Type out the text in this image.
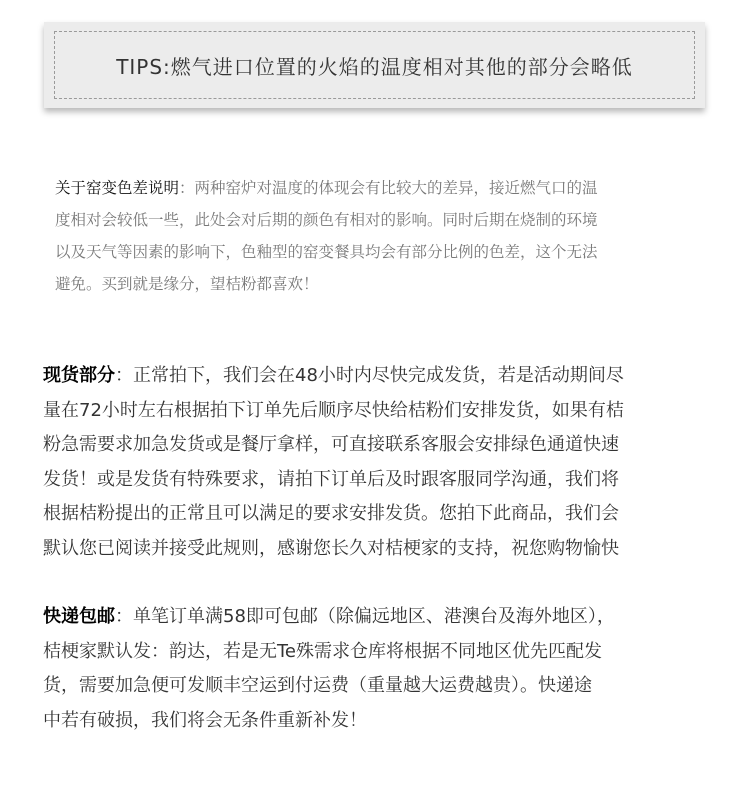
TIPS:燃气进口位置的火焰的温度相对其他的部分会略低

关于窑变色差说明：两种窑炉对温度的体现会有比较大的差异，接近燃气口的温
度相对会较低一些，此处会对后期的颜色有相对的影响。同时后期在烧制的环境
以及天气等因素的影响下，色釉型的窑变餐具均会有部分比例的色差，这个无法
避免。买到就是缘分，望桔粉都喜欢！

现货部分：正常拍下，我们会在48小时内尽快完成发货，若是活动期间尽
量在72小时左右根据拍下订单先后顺序尽快给桔粉们安排发货，如果有桔
粉急需要求加急发货或是餐厅拿样，可直接联系客服会安排绿色通道快速
发货！或是发货有特殊要求，请拍下订单后及时跟客服同学沟通，我们将
根据桔粉提出的正常且可以满足的要求安排发货。您拍下此商品，我们会
默认您已阅读并接受此规则，感谢您长久对桔梗家的支持，祝您购物愉快

快递包邮：单笔订单满58即可包邮（除偏远地区、港澳台及海外地区），
桔梗家默认发：韵达，若是无Te殊需求仓库将根据不同地区优先匹配发
货，需要加急便可发顺丰空运到付运费（重量越大运费越贵）。快递途
中若有破损，我们将会无条件重新补发！
